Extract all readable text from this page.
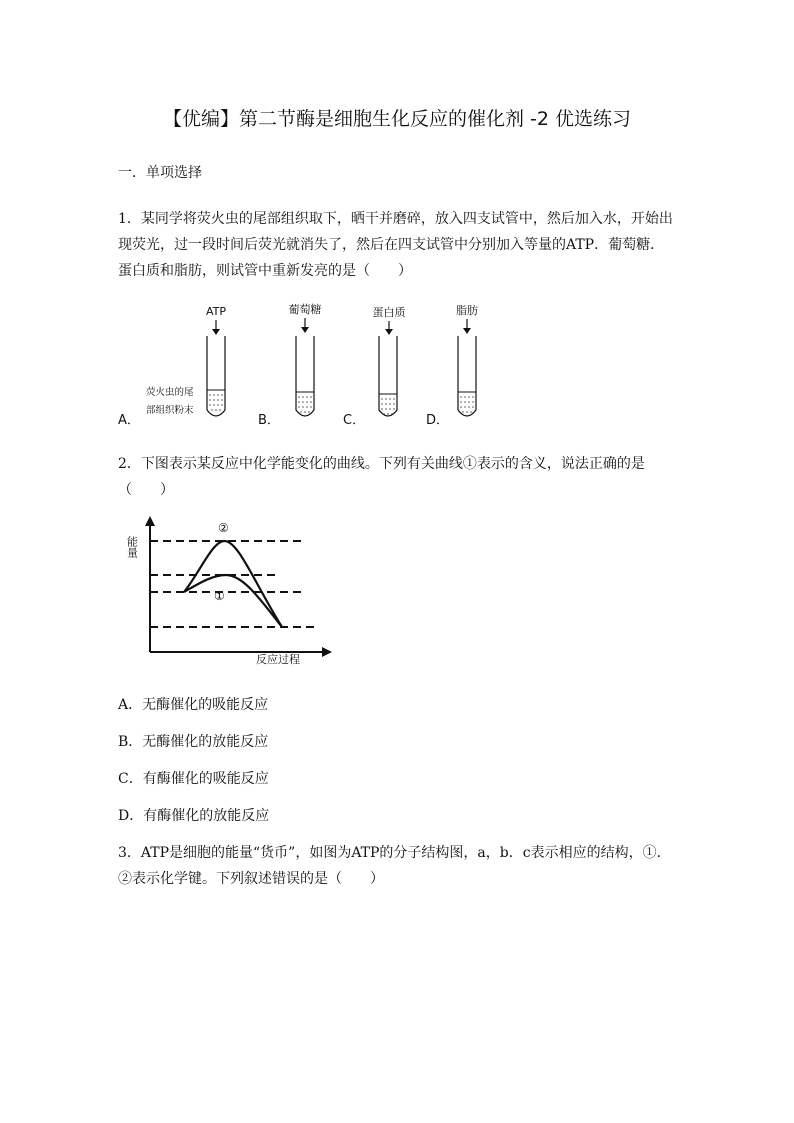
【优编】第二节酶是细胞生化反应的催化剂 -2 优选练习
一．单项选择
1．某同学将荧火虫的尾部组织取下，晒干并磨碎，放入四支试管中，然后加入水，开始出现荧光，过一段时间后荧光就消失了，然后在四支试管中分别加入等量的ATP．葡萄糖．蛋白质和脂肪，则试管中重新发亮的是（　　）
ATP
荧火虫的尾
部组织粉末
葡萄糖	蛋白质	脂肪
A．	B．	C．	D．
2．下图表示某反应中化学能变化的曲线。下列有关曲线①表示的含义，说法正确的是（　　）
能量
反应过程
②
①
A．无酶催化的吸能反应
B．无酶催化的放能反应
C．有酶催化的吸能反应
D．有酶催化的放能反应
3．ATP是细胞的能量“货币”，如图为ATP的分子结构图，a，b．c表示相应的结构，①．②表示化学键。下列叙述错误的是（　　）
